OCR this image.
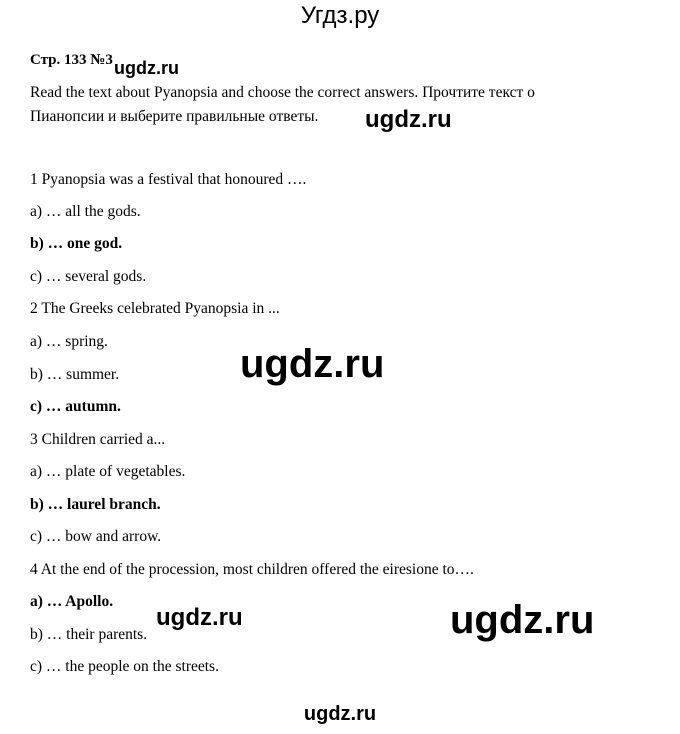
Угдз.ру
Стр. 133 №3 ugdz.ru
Read the text about Pyanopsia and choose the correct answers. Прочтите текст о
Пианопсии и выберите правильные ответы. ugdz.ru
1 Pyanopsia was a festival that honoured ….
a) … all the gods.
b) … one god.
c) … several gods.
2 The Greeks celebrated Pyanopsia in ...
a) … spring.
b) … summer.
c) … autumn.
ugdz.ru
3 Children carried a...
a) … plate of vegetables.
b) … laurel branch.
c) … bow and arrow.
4 At the end of the procession, most children offered the eiresione to….
a) … Apollo.
b) … their parents.
c) … the people on the streets.
ugdz.ru	ugdz.ru
ugdz.ru
